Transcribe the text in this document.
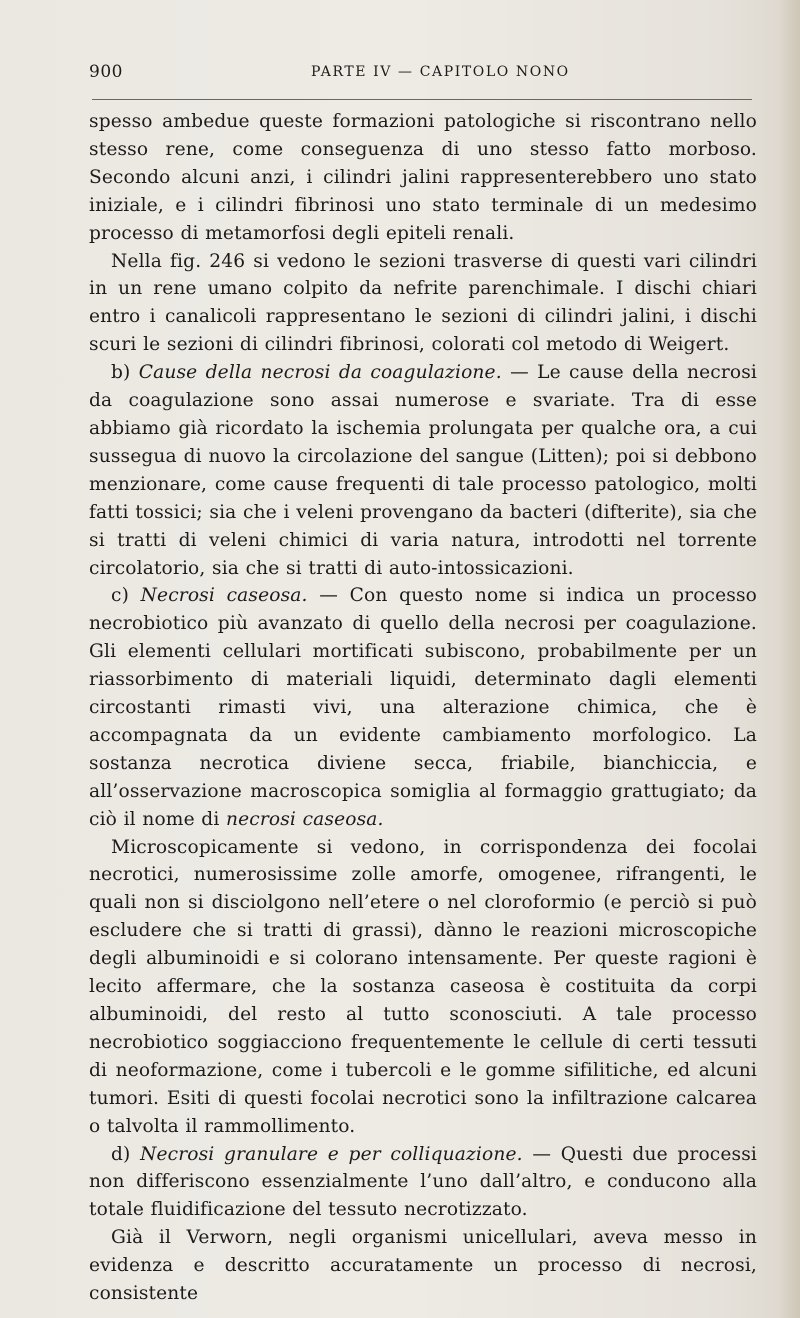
900	PARTE IV — CAPITOLO NONO

spesso ambedue queste formazioni patologiche si riscontrano nello stesso rene, come conseguenza di uno stesso fatto morboso. Secondo alcuni anzi, i cilindri jalini rappresenterebbero uno stato iniziale, e i cilindri fibrinosi uno stato terminale di un medesimo processo di metamorfosi degli epiteli renali.

Nella fig. 246 si vedono le sezioni trasverse di questi vari cilindri in un rene umano colpito da nefrite parenchimale. I dischi chiari entro i canalicoli rappresentano le sezioni di cilindri jalini, i dischi scuri le sezioni di cilindri fibrinosi, colorati col metodo di Weigert.

b) Cause della necrosi da coagulazione. — Le cause della necrosi da coagulazione sono assai numerose e svariate. Tra di esse abbiamo già ricordato la ischemia prolungata per qualche ora, a cui sussegua di nuovo la circolazione del sangue (Litten); poi si debbono menzionare, come cause frequenti di tale processo patologico, molti fatti tossici; sia che i veleni provengano da bacteri (difterite), sia che si tratti di veleni chimici di varia natura, introdotti nel torrente circolatorio, sia che si tratti di auto-intossicazioni.

c) Necrosi caseosa. — Con questo nome si indica un processo necrobiotico più avanzato di quello della necrosi per coagulazione. Gli elementi cellulari mortificati subiscono, probabilmente per un riassorbimento di materiali liquidi, determinato dagli elementi circostanti rimasti vivi, una alterazione chimica, che è accompagnata da un evidente cambiamento morfologico. La sostanza necrotica diviene secca, friabile, bianchiccia, e all’osservazione macroscopica somiglia al formaggio grattugiato; da ciò il nome di necrosi caseosa.

Microscopicamente si vedono, in corrispondenza dei focolai necrotici, numerosissime zolle amorfe, omogenee, rifrangenti, le quali non si disciolgono nell’etere o nel cloroformio (e perciò si può escludere che si tratti di grassi), dànno le reazioni microscopiche degli albuminoidi e si colorano intensamente. Per queste ragioni è lecito affermare, che la sostanza caseosa è costituita da corpi albuminoidi, del resto al tutto sconosciuti. A tale processo necrobiotico soggiacciono frequentemente le cellule di certi tessuti di neoformazione, come i tubercoli e le gomme sifilitiche, ed alcuni tumori. Esiti di questi focolai necrotici sono la infiltrazione calcarea o talvolta il rammollimento.

d) Necrosi granulare e per colliquazione. — Questi due processi non differiscono essenzialmente l’uno dall’altro, e conducono alla totale fluidificazione del tessuto necrotizzato.

Già il Verworn, negli organismi unicellulari, aveva messo in evidenza e descritto accuratamente un processo di necrosi, consistente
